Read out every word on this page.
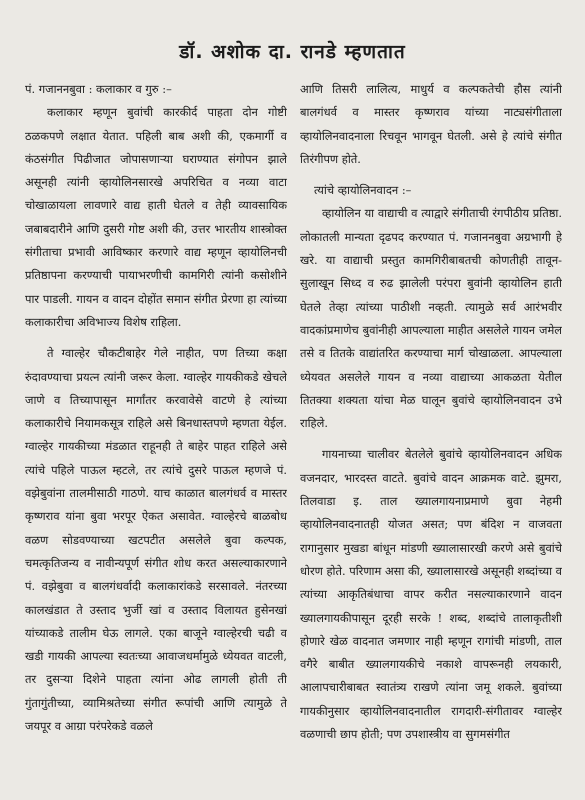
डॉ. अशोक दा. रानडे म्हणतात

पं. गजाननबुवा : कलाकार व गुरु :–

कलाकार म्हणून बुवांची कारकीर्द पाहता दोन गोष्टी ठळकपणे लक्षात येतात. पहिली बाब अशी की, एकमार्गी व कंठसंगीत पिढीजात जोपासणाऱ्या घराण्यात संगोपन झाले असूनही त्यांनी व्हायोलिनसारखे अपरिचित व नव्या वाटा चोखाळायला लावणारे वाद्य हाती घेतले व तेही व्यावसायिक जबाबदारीने आणि दुसरी गोष्ट अशी की, उत्तर भारतीय शास्त्रोक्त संगीताचा प्रभावी आविष्कार करणारे वाद्य म्हणून व्हायोलिनची प्रतिष्ठापना करण्याची पायाभरणीची कामगिरी त्यांनी कसोशीने पार पाडली. गायन व वादन दोहोंत समान संगीत प्रेरणा हा त्यांच्या कलाकारीचा अविभाज्य विशेष राहिला.

ते ग्वाल्हेर चौकटीबाहेर गेले नाहीत, पण तिच्या कक्षा रुंदावण्याचा प्रयत्न त्यांनी जरूर केला. ग्वाल्हेर गायकीकडे खेचले जाणे व तिच्यापासून मार्गांतर करवावेसे वाटणे हे त्यांच्या कलाकारीचे नियामकसूत्र राहिले असे बिनधास्तपणे म्हणता येईल. ग्वाल्हेर गायकीच्या मंडळात राहूनही ते बाहेर पाहत राहिले असे त्यांचे पहिले पाऊल म्हटले, तर त्यांचे दुसरे पाऊल म्हणजे पं. वझेबुवांना तालमीसाठी गाठणे. याच काळात बालगंधर्व व मास्तर कृष्णराव यांना बुवा भरपूर ऐकत असावेत. ग्वाल्हेरचे बाळबोध वळण सोडवण्याच्या खटपटीत असलेले बुवा कल्पक, चमत्कृतिजन्य व नावीन्यपूर्ण संगीत शोध करत असल्याकारणाने पं. वझेबुवा व बालगंधर्वादी कलाकारांकडे सरसावले. नंतरच्या कालखंडात ते उस्ताद भुर्जी खां व उस्ताद विलायत हुसेनखां यांच्याकडे तालीम घेऊ लागले. एका बाजूने ग्वाल्हेरची चढी व खडी गायकी आपल्या स्वतःच्या आवाजधर्मामुळे ध्येयवत वाटली, तर दुसऱ्या दिशेने पाहता त्यांना ओढ लागली होती ती गुंतागुंतीच्या, व्यामिश्रतेच्या संगीत रूपांची आणि त्यामुळे ते जयपूर व आग्रा परंपरेकडे वळले

आणि तिसरी लालित्य, माधुर्य व कल्पकतेची हौस त्यांनी बालगंधर्व व मास्तर कृष्णराव यांच्या नाट्यसंगीताला व्हायोलिनवादनाला रिचवून भागवून घेतली. असे हे त्यांचे संगीत तिरंगीपण होते.

त्यांचे व्हायोलिनवादन :–

व्हायोलिन या वाद्याची व त्याद्वारे संगीताची रंगपीठीय प्रतिष्ठा. लोकातली मान्यता दृढपद करण्यात पं. गजाननबुवा अग्रभागी हे खरे. या वाद्याची प्रस्तुत कामगिरीबाबतची कोणतीही तावून-सुलाखून सिध्द व रुढ झालेली परंपरा बुवांनी व्हायोलिन हाती घेतले तेव्हा त्यांच्या पाठीशी नव्हती. त्यामुळे सर्व आरंभवीर वादकांप्रमाणेच बुवांनीही आपल्याला माहीत असलेले गायन जमेल तसे व तितके वाद्यांतरित करण्याचा मार्ग चोखाळला. आपल्याला ध्येयवत असलेले गायन व नव्या वाद्याच्या आकळता येतील तितक्या शक्यता यांचा मेळ घालून बुवांचे व्हायोलिनवादन उभे राहिले.

गायनाच्या चालीवर बेतलेले बुवांचे व्हायोलिनवादन अधिक वजनदार, भारदस्त वाटते. बुवांचे वादन आक्रमक वाटे. झुमरा, तिलवाडा इ. ताल ख्यालगायनाप्रमाणे बुवा नेहमी व्हायोलिनवादनातही योजत असत; पण बंदिश न वाजवता रागानुसार मुखडा बांधून मांडणी ख्यालासारखी करणे असे बुवांचे धोरण होते. परिणाम असा की, ख्यालासारखे असूनही शब्दांच्या व त्यांच्या आकृतिबंधाचा वापर करीत नसल्याकारणाने वादन ख्यालगायकीपासून दूरही सरके ! शब्द, शब्दांचे तालाकृतीशी होणारे खेळ वादनात जमणार नाही म्हणून रागांची मांडणी, ताल वगैरे बाबीत ख्यालगायकीचे नकाशे वापरूनही लयकारी, आलापचारीबाबत स्वातंत्र्य राखणे त्यांना जमू शकले. बुवांच्या गायकीनुसार व्हायोलिनवादनातील रागदारी-संगीतावर ग्वाल्हेर वळणाची छाप होती; पण उपशास्त्रीय वा सुगमसंगीत
